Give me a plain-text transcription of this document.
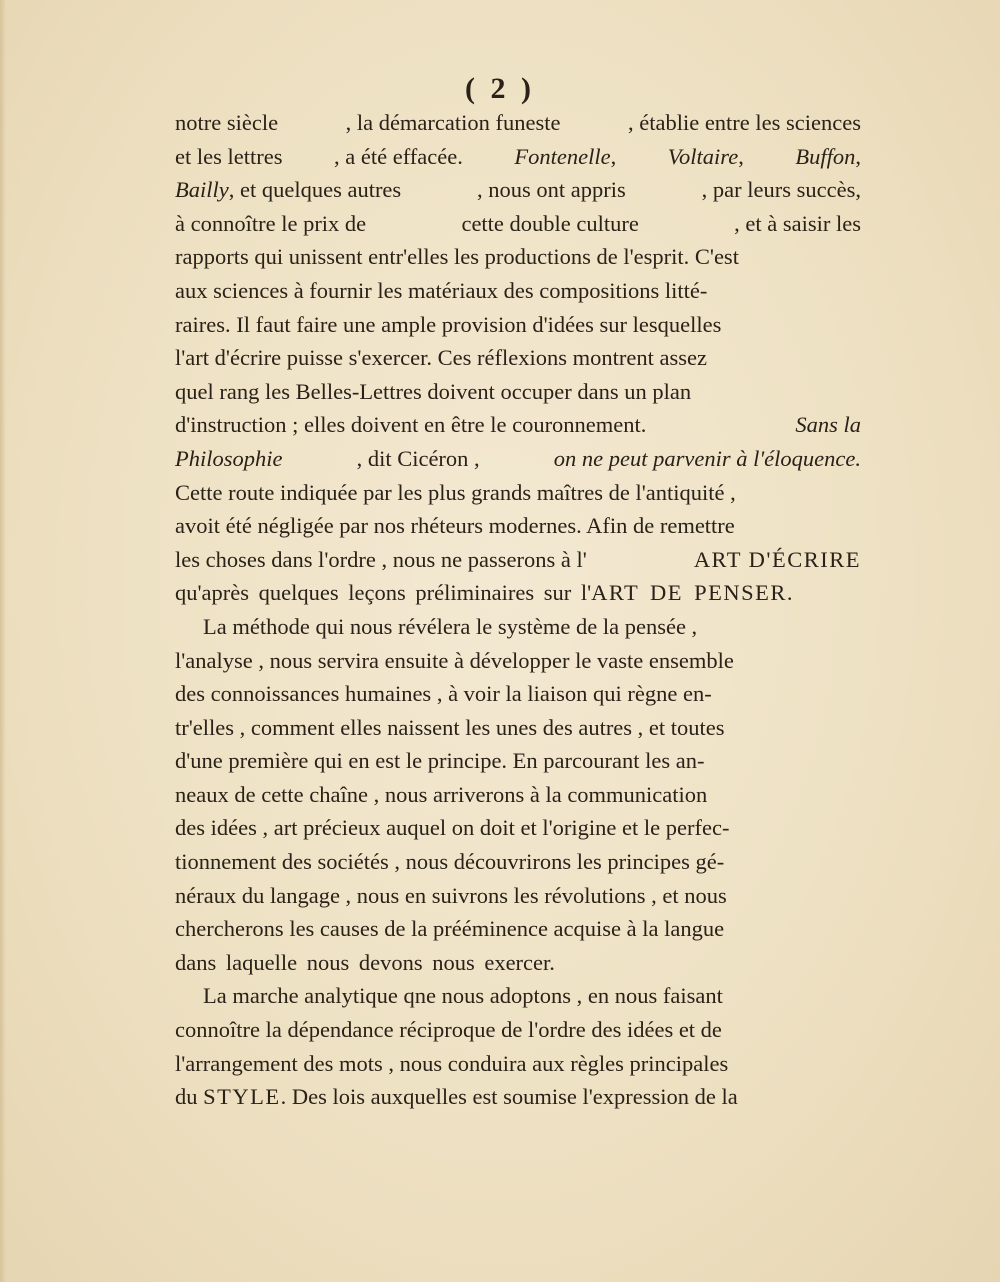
( 2 )
notre siècle	, la démarcation funeste	, établie entre les sciences
et les lettres , a été effacée. Fontenelle, Voltaire, Buffon,
Bailly, et quelques autres	, nous ont appris	, par leurs succès,
à connoître le prix de	cette double culture	, et à saisir les
rapports qui unissent entr'elles les productions de l'esprit. C'est
aux sciences à fournir les matériaux des compositions litté-
raires. Il faut faire une ample provision d'idées sur lesquelles
l'art d'écrire puisse s'exercer. Ces réflexions montrent assez
quel rang les Belles-Lettres doivent occuper dans un plan
d'instruction ; elles doivent en être le couronnement.	Sans la
Philosophie	, dit Cicéron ,	on ne peut parvenir à l'éloquence.
Cette route indiquée par les plus grands maîtres de l'antiquité ,
avoit été négligée par nos rhéteurs modernes. Afin de remettre
les choses dans l'ordre , nous ne passerons à l'	ART D'ÉCRIRE
qu'après quelques leçons préliminaires sur l' ART DE PENSER .
La méthode qui nous révélera le système de la pensée ,
l'analyse , nous servira ensuite à développer le vaste ensemble
des connoissances humaines , à voir la liaison qui règne en-
tr'elles , comment elles naissent les unes des autres , et toutes
d'une première qui en est le principe. En parcourant les an-
neaux de cette chaîne , nous arriverons à la communication
des idées , art précieux auquel on doit et l'origine et le perfec-
tionnement des sociétés , nous découvrirons les principes gé-
néraux du langage , nous en suivrons les révolutions , et nous
chercherons les causes de la prééminence acquise à la langue
dans laquelle nous devons nous exercer.
La marche analytique qne nous adoptons , en nous faisant
connoître la dépendance réciproque de l'ordre des idées et de
l'arrangement des mots , nous conduira aux règles principales
du STYLE. Des lois auxquelles est soumise l'expression de la
